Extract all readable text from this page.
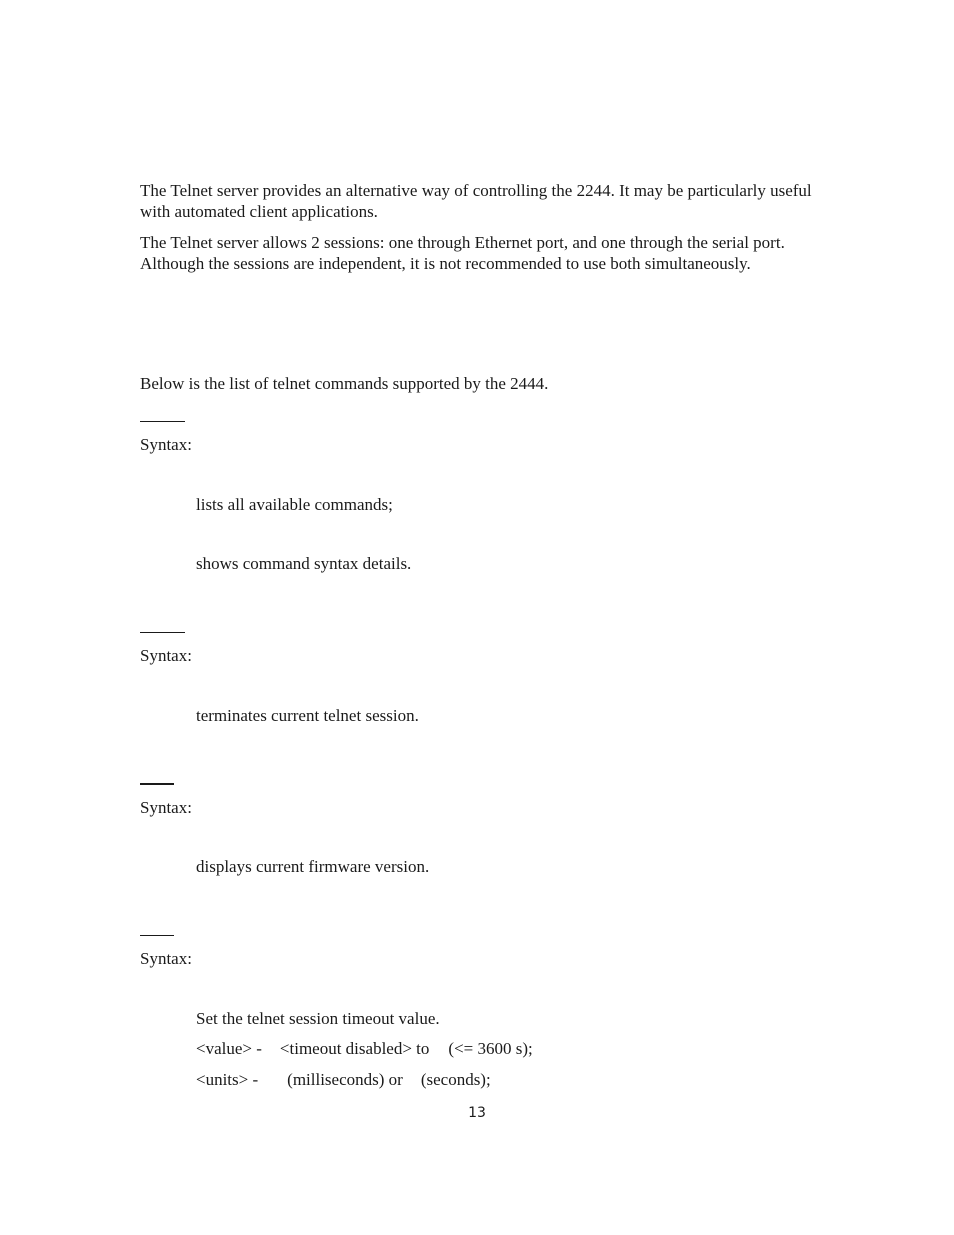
The Telnet server provides an alternative way of controlling the 2244. It may be particularly useful with automated client applications.

The Telnet server allows 2 sessions: one through Ethernet port, and one through the serial port. Although the sessions are independent, it is not recommended to use both simultaneously.

Below is the list of telnet commands supported by the 2444.

Syntax:

lists all available commands;

shows command syntax details.

Syntax:

terminates current telnet session.

Syntax:

displays current firmware version.

Syntax:

Set the telnet session timeout value.

<value> - <timeout disabled> to (<= 3600 s);

<units> - (milliseconds) or (seconds);

13
